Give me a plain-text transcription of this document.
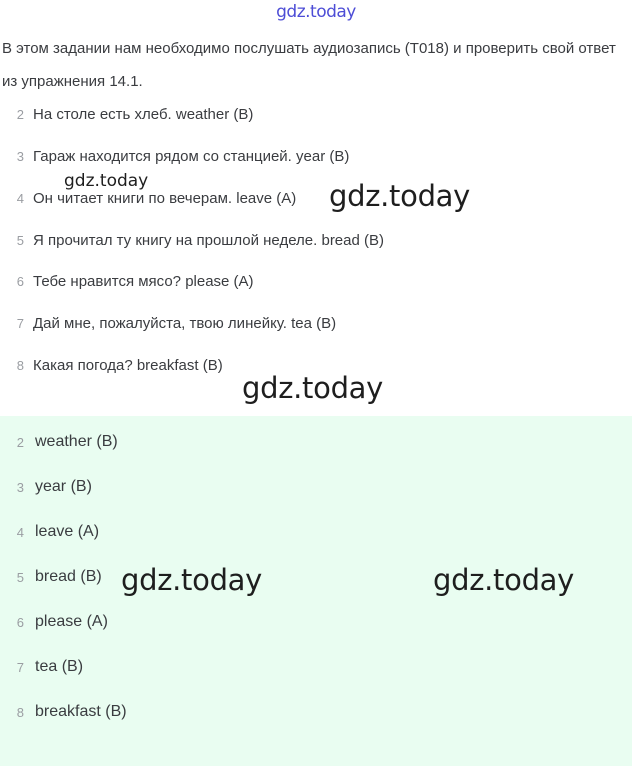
gdz.today
В этом задании нам необходимо послушать аудиозапись (T018) и проверить свой ответ из упражнения 14.1.
2 На столе есть хлеб. weather (B)
3 Гараж находится рядом со станцией. year (B)
4 Он читает книги по вечерам. leave (A)
5 Я прочитал ту книгу на прошлой неделе. bread (B)
6 Тебе нравится мясо? please (A)
7 Дай мне, пожалуйста, твою линейку. tea (B)
8 Какая погода? breakfast (B)
2 weather (B)
3 year (B)
4 leave (A)
5 bread (B)
6 please (A)
7 tea (B)
8 breakfast (B)
gdz.today	gdz.today
gdz.today
gdz.today	gdz.today
